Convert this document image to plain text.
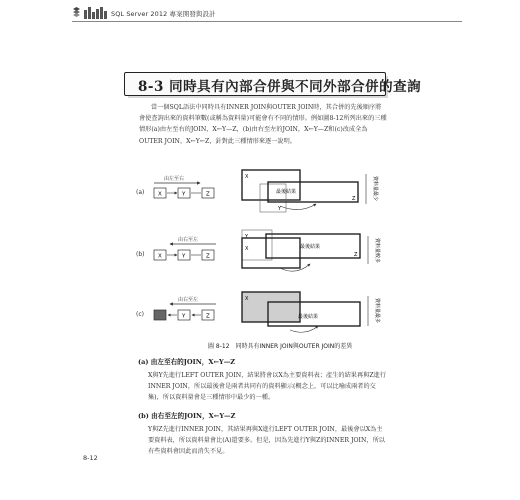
SQL Server 2012 專案開發與設計
8-3 同時具有內部合併與不同外部合併的查詢

當一個SQL語法中同時具有INNER JOIN與OUTER JOIN時，其合併的先後順序將會使查詢出來的資料筆數(或稱為資料量)可能會有不同的情形。例如圖8-12所列出來的三種情形(a)由左至右的JOIN，X←Y—Z，(b)由右至左的JOIN，X←Y—Z和(c)改成全為OUTER JOIN，X←Y←Z，針對此三種情形來逐一說明。

(a)
由左至右
X	Y	Z
X
Y
最後結果
Z	資料量最少
(b)
由右至左
X	Y	Z
Y
X	最後結果
Z	資料量較多
(c)
由右至左
Y	Z
X
最後結果	資料量最多
圖 8-12　同時具有INNER JOIN與OUTER JOIN的差異
(a) 由左至右的JOIN，X←Y—Z
X與Y先進行LEFT OUTER JOIN，結果將會以X為主要資料表；產生的結果再與Z進行INNER JOIN，所以最後會是兩者共同有的資料顯示(概念上，可以比喻成兩者的交集)，所以資料量會是三種情形中最少的一種。
(b) 由右至左的JOIN，X←Y—Z
Y與Z先進行INNER JOIN，其結果再與X進行LEFT OUTER JOIN，最後會以X為主要資料表，所以資料量會比(A)還要多。但是，因為先進行Y與Z的INNER JOIN，所以有些資料會因此而消失不見。
8-12
